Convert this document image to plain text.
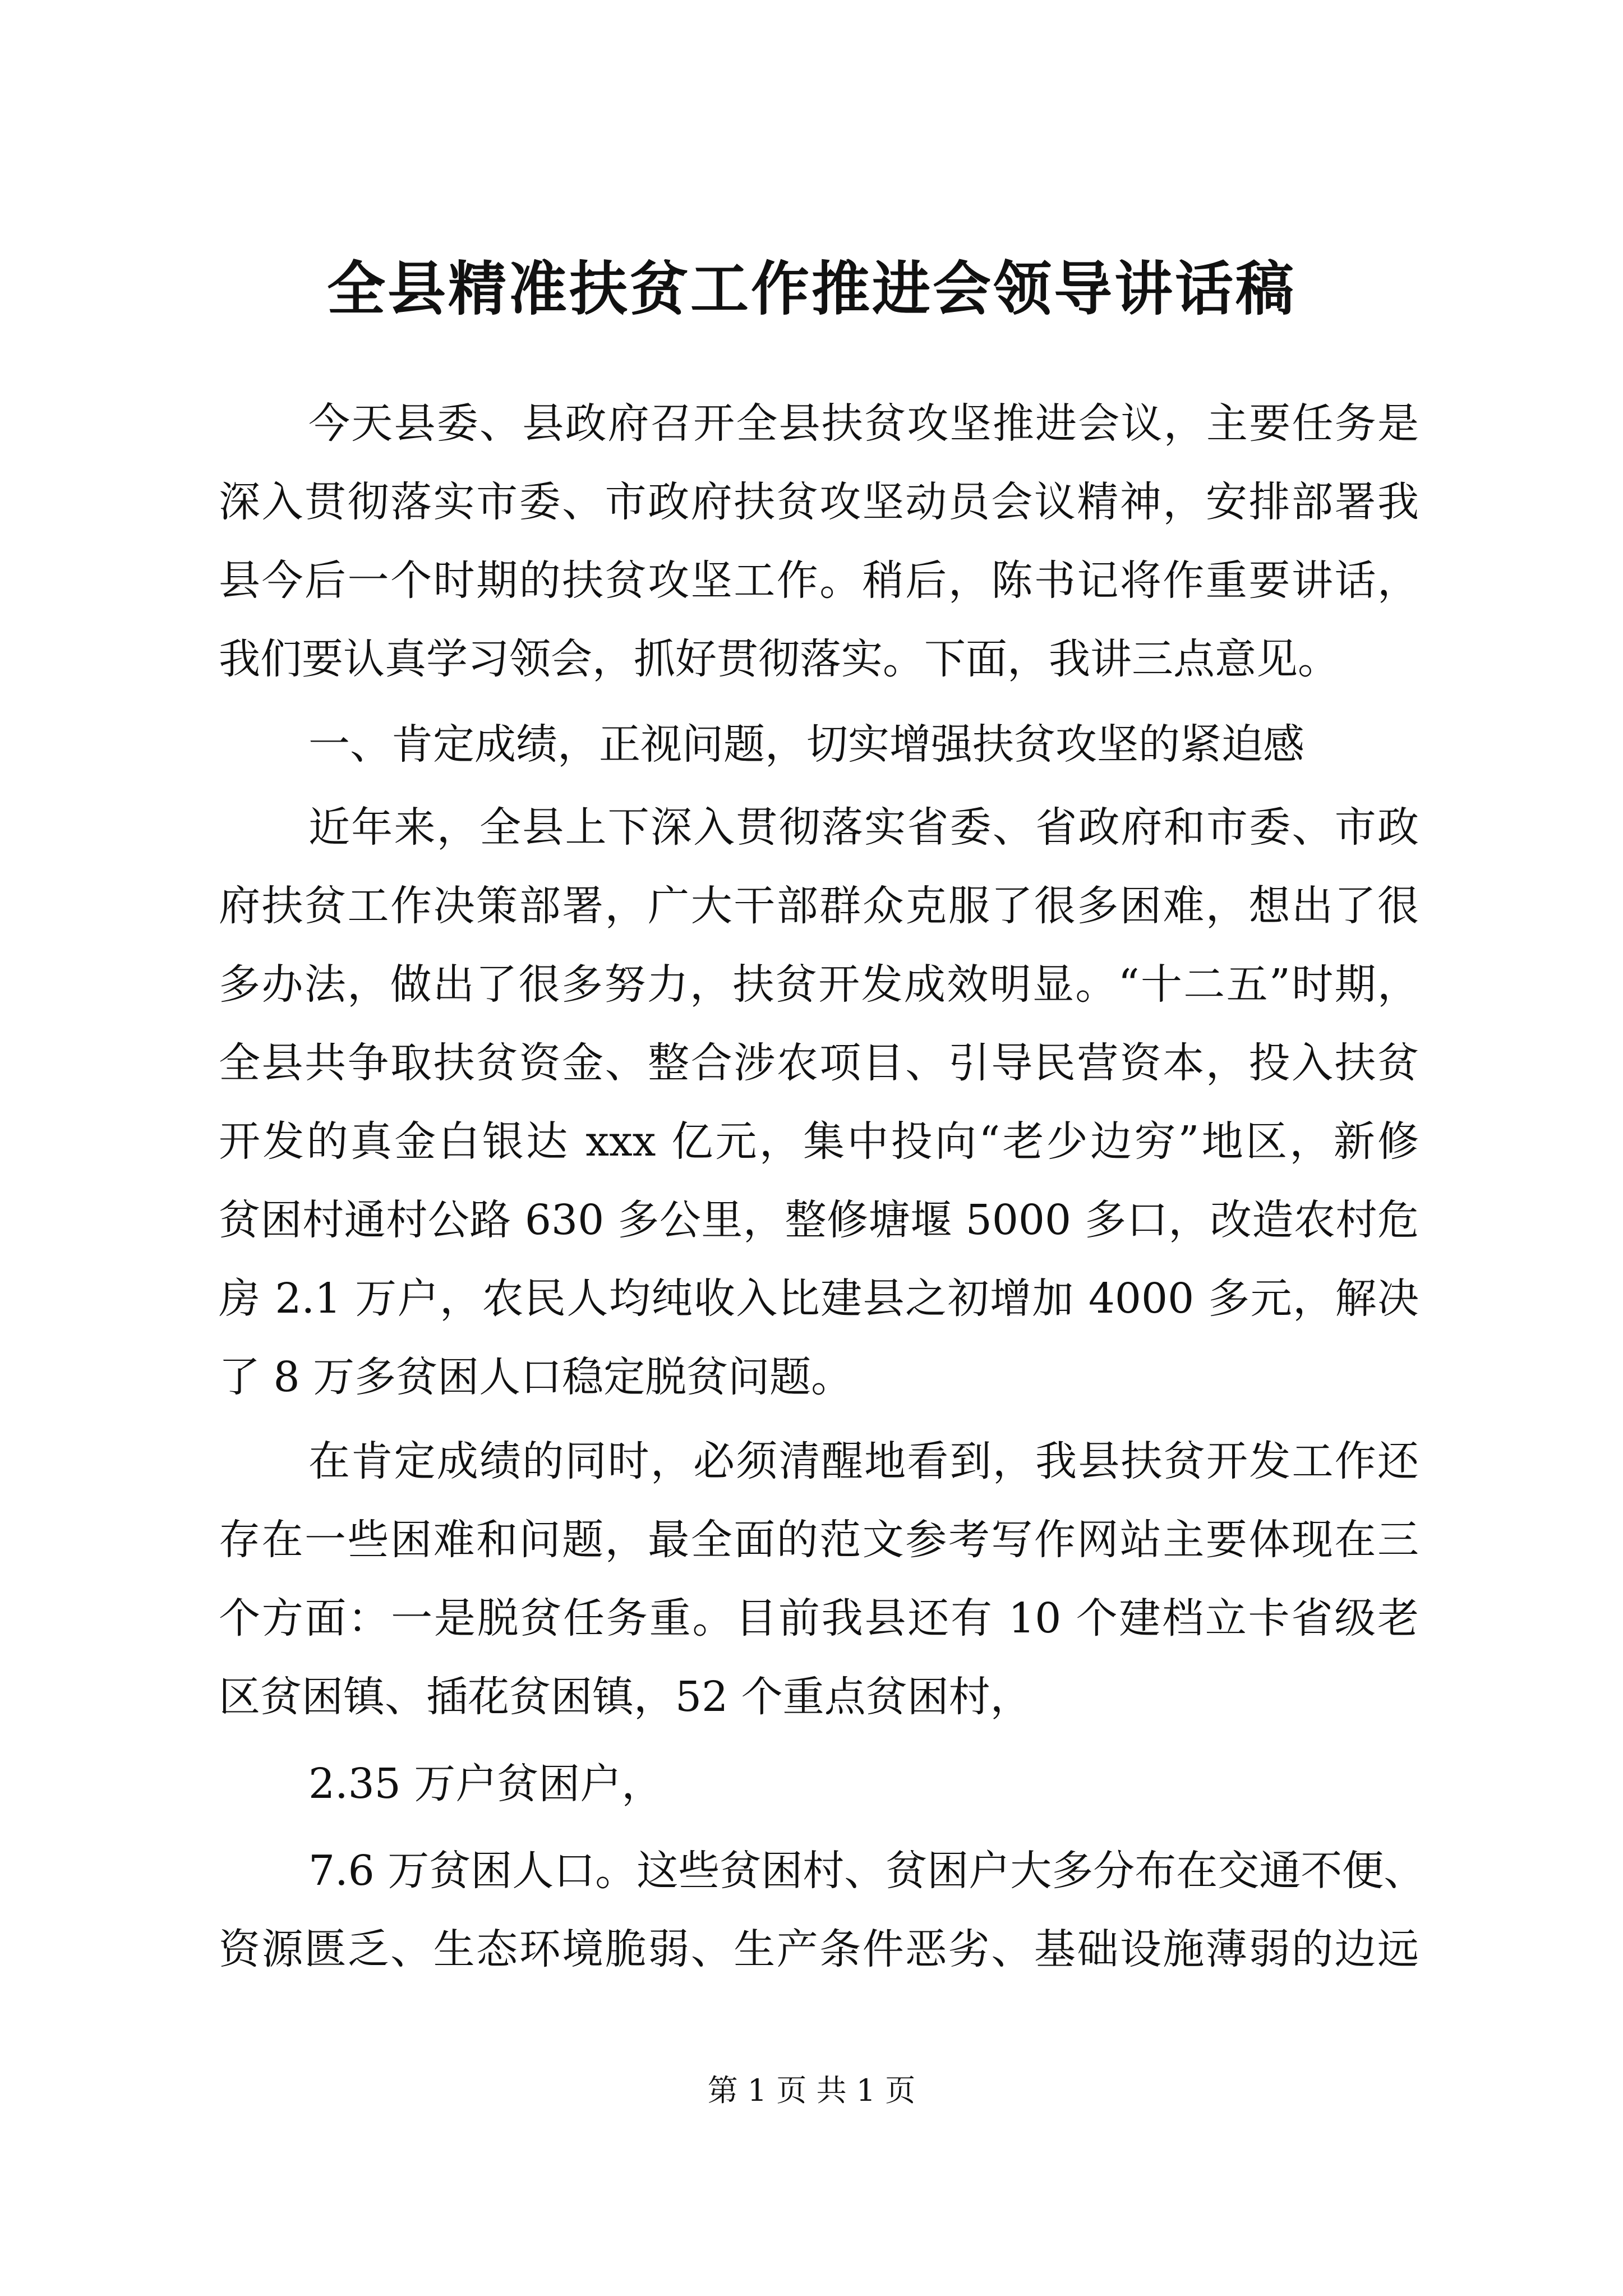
全县精准扶贫工作推进会领导讲话稿
今天县委、县政府召开全县扶贫攻坚推进会议，主要任务是
深入贯彻落实市委、市政府扶贫攻坚动员会议精神，安排部署我
县今后一个时期的扶贫攻坚工作。稍后，陈书记将作重要讲话，
我们要认真学习领会，抓好贯彻落实。下面，我讲三点意见。
一、肯定成绩，正视问题，切实增强扶贫攻坚的紧迫感
近年来，全县上下深入贯彻落实省委、省政府和市委、市政
府扶贫工作决策部署，广大干部群众克服了很多困难，想出了很
多办法，做出了很多努力，扶贫开发成效明显。“十二五”时期，
全县共争取扶贫资金、整合涉农项目、引导民营资本，投入扶贫
开发的真金白银达 xxx 亿元，集中投向“老少边穷”地区，新修
贫困村通村公路 630 多公里，整修塘堰 5000 多口，改造农村危
房 2.1 万户，农民人均纯收入比建县之初增加 4000 多元，解决
了 8 万多贫困人口稳定脱贫问题。
在肯定成绩的同时，必须清醒地看到，我县扶贫开发工作还
存在一些困难和问题，最全面的范文参考写作网站主要体现在三
个方面：一是脱贫任务重。目前我县还有 10 个建档立卡省级老
区贫困镇、插花贫困镇，52 个重点贫困村，
2.35 万户贫困户，
7.6 万贫困人口。这些贫困村、贫困户大多分布在交通不便、
资源匮乏、生态环境脆弱、生产条件恶劣、基础设施薄弱的边远
第 1 页 共 1 页
